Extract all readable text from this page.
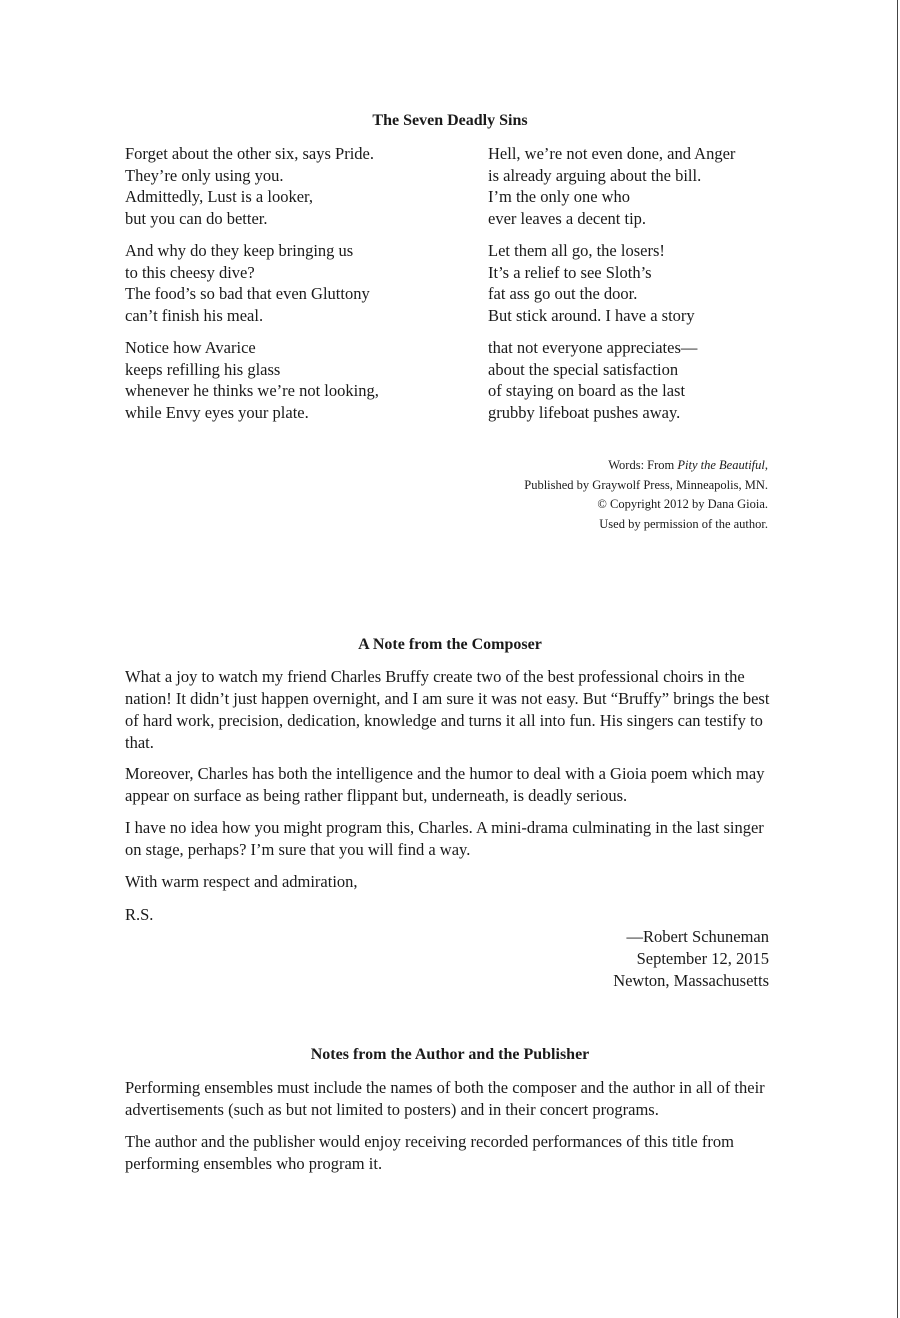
The Seven Deadly Sins
Forget about the other six, says Pride.
They’re only using you.
Admittedly, Lust is a looker,
but you can do better.
And why do they keep bringing us
to this cheesy dive?
The food’s so bad that even Gluttony
can’t finish his meal.
Notice how Avarice
keeps refilling his glass
whenever he thinks we’re not looking,
while Envy eyes your plate.
Hell, we’re not even done, and Anger
is already arguing about the bill.
I’m the only one who
ever leaves a decent tip.
Let them all go, the losers!
It’s a relief to see Sloth’s
fat ass go out the door.
But stick around. I have a story
that not everyone appreciates—
about the special satisfaction
of staying on board as the last
grubby lifeboat pushes away.
Words: From Pity the Beautiful,
Published by Graywolf Press, Minneapolis, MN.
© Copyright 2012 by Dana Gioia.
Used by permission of the author.
A Note from the Composer

What a joy to watch my friend Charles Bruffy create two of the best professional choirs in the nation! It didn’t just happen overnight, and I am sure it was not easy. But “Bruffy” brings the best of hard work, precision, dedication, knowledge and turns it all into fun. His singers can testify to that.

Moreover, Charles has both the intelligence and the humor to deal with a Gioia poem which may appear on surface as being rather flippant but, underneath, is deadly serious.

I have no idea how you might program this, Charles. A mini-drama culminating in the last singer on stage, perhaps? I’m sure that you will find a way.

With warm respect and admiration,

R.S.

—Robert Schuneman
September 12, 2015
Newton, Massachusetts
Notes from the Author and the Publisher

Performing ensembles must include the names of both the composer and the author in all of their advertisements (such as but not limited to posters) and in their concert programs.

The author and the publisher would enjoy receiving recorded performances of this title from performing ensembles who program it.
